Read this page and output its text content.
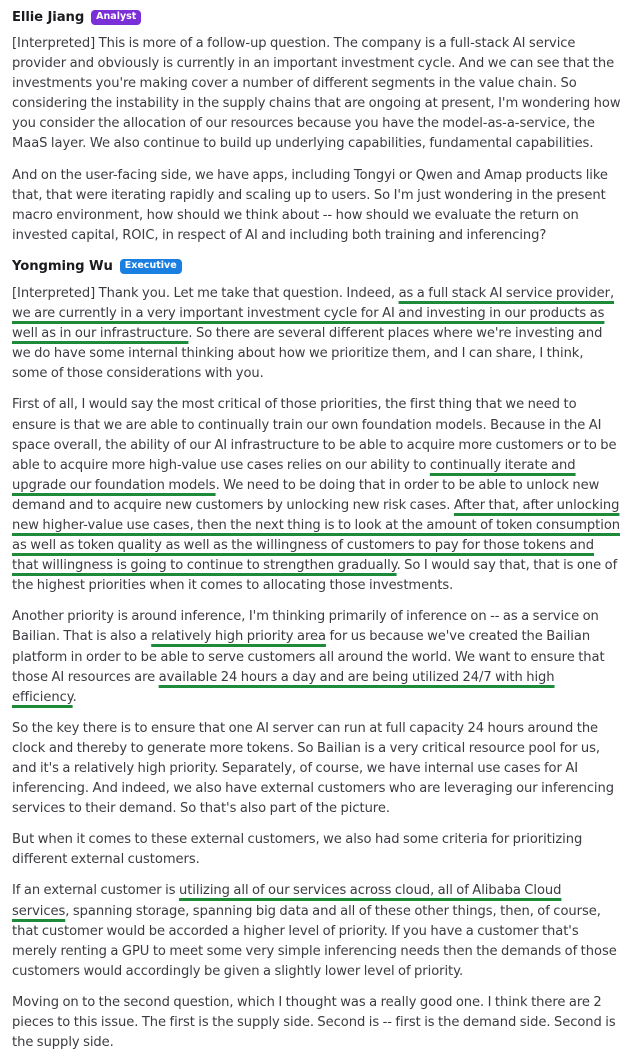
Ellie Jiang	Analyst

[Interpreted] This is more of a follow-up question. The company is a full-stack AI service provider and obviously is currently in an important investment cycle. And we can see that the investments you're making cover a number of different segments in the value chain. So considering the instability in the supply chains that are ongoing at present, I'm wondering how you consider the allocation of our resources because you have the model-as-a-service, the MaaS layer. We also continue to build up underlying capabilities, fundamental capabilities.

And on the user-facing side, we have apps, including Tongyi or Qwen and Amap products like that, that were iterating rapidly and scaling up to users. So I'm just wondering in the present macro environment, how should we think about -- how should we evaluate the return on invested capital, ROIC, in respect of AI and including both training and inferencing?

Yongming Wu	Executive

[Interpreted] Thank you. Let me take that question. Indeed, as a full stack AI service provider, we are currently in a very important investment cycle for AI and investing in our products as well as in our infrastructure. So there are several different places where we're investing and we do have some internal thinking about how we prioritize them, and I can share, I think, some of those considerations with you.

First of all, I would say the most critical of those priorities, the first thing that we need to ensure is that we are able to continually train our own foundation models. Because in the AI space overall, the ability of our AI infrastructure to be able to acquire more customers or to be able to acquire more high-value use cases relies on our ability to continually iterate and upgrade our foundation models. We need to be doing that in order to be able to unlock new demand and to acquire new customers by unlocking new risk cases. After that, after unlocking new higher-value use cases, then the next thing is to look at the amount of token consumption as well as token quality as well as the willingness of customers to pay for those tokens and that willingness is going to continue to strengthen gradually. So I would say that, that is one of the highest priorities when it comes to allocating those investments.

Another priority is around inference, I'm thinking primarily of inference on -- as a service on Bailian. That is also a relatively high priority area for us because we've created the Bailian platform in order to be able to serve customers all around the world. We want to ensure that those AI resources are available 24 hours a day and are being utilized 24/7 with high efficiency.

So the key there is to ensure that one AI server can run at full capacity 24 hours around the clock and thereby to generate more tokens. So Bailian is a very critical resource pool for us, and it's a relatively high priority. Separately, of course, we have internal use cases for AI inferencing. And indeed, we also have external customers who are leveraging our inferencing services to their demand. So that's also part of the picture.

But when it comes to these external customers, we also had some criteria for prioritizing different external customers.

If an external customer is utilizing all of our services across cloud, all of Alibaba Cloud services, spanning storage, spanning big data and all of these other things, then, of course, that customer would be accorded a higher level of priority. If you have a customer that's merely renting a GPU to meet some very simple inferencing needs then the demands of those customers would accordingly be given a slightly lower level of priority.

Moving on to the second question, which I thought was a really good one. I think there are 2 pieces to this issue. The first is the supply side. Second is -- first is the demand side. Second is the supply side.
